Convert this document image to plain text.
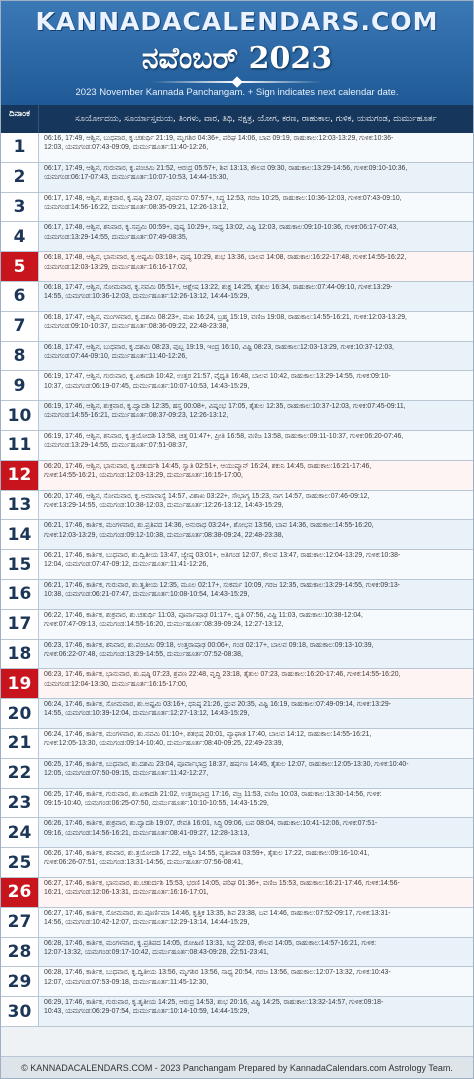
KANNADACALENDARS.COM
ನವೆಂಬರ್ 2023
2023 November Kannada Panchangam. + Sign indicates next calendar date.
ದಿನಾಂಕ	ಸೂರ್ಯೋದಯ, ಸೂರ್ಯಾಸ್ತಮಯ, ತಿಂಗಳು, ವಾರ, ತಿಥಿ, ನಕ್ಷತ್ರ, ಯೋಗ, ಕರಣ, ರಾಹುಕಾಲ, ಗುಳಿಕ, ಯಮಗಂಡ, ದುರ್ಮುಹೂರ್ತ
1	06:16, 17:49, ಆಶ್ವಿನ, ಬುಧವಾರ, ಕೃ.ಚತುರ್ಥಿ 21:19, ಮೃಗಶಿರ 04:36+, ಪರಿಘ 14:06, ಬಾವ 09:19, ರಾಹುಕಾಲ:12:03-13:29, ಗುಳಿಕ:10:36-
12:03, ಯಮಗಂಡ:07:43-09:09, ದುರ್ಮುಹೂರ್ತ:11:40-12:26,
2	06:17, 17:49, ಆಶ್ವಿನ, ಗುರುವಾರ, ಕೃ.ಪಂಚಮಿ 21:52, ಆರುದ್ರ 05:57+, ಶಿವ 13:13, ಕೌಲವ 09:30, ರಾಹುಕಾಲ:13:29-14:56, ಗುಳಿಕ:09:10-10:36,
ಯಮಗಂಡ:06:17-07:43, ದುರ್ಮುಹೂರ್ತ:10:07-10:53, 14:44-15:30,
3	06:17, 17:48, ಆಶ್ವಿನ, ಶುಕ್ರವಾರ, ಕೃ.ಷಷ್ಠಿ 23:07, ಪುನರ್ವಸು 07:57+, ಸಿದ್ಧ 12:53, ಗರಜ 10:25, ರಾಹುಕಾಲ:10:36-12:03, ಗುಳಿಕ:07:43-09:10,
ಯಮಗಂಡ:14:56-16:22, ದುರ್ಮುಹೂರ್ತ:08:35-09:21, 12:26-13:12,
4	06:17, 17:48, ಆಶ್ವಿನ, ಶನಿವಾರ, ಕೃ.ಸಪ್ತಮಿ 00:59+, ಪುಷ್ಯ 10:29+, ಸಾಧ್ಯ 13:02, ವಿಷ್ಟಿ 12:03, ರಾಹುಕಾಲ:09:10-10:36, ಗುಳಿಕ:06:17-07:43,
ಯಮಗಂಡ:13:29-14:55, ದುರ್ಮುಹೂರ್ತ:07:49-08:35,
5	06:18, 17:48, ಆಶ್ವಿನ, ಭಾನುವಾರ, ಕೃ.ಅಷ್ಟಮಿ 03:18+, ಪುಷ್ಯ 10:29, ಶುಭ 13:36, ಬಾಲವ 14:08, ರಾಹುಕಾಲ:16:22-17:48, ಗುಳಿಕ:14:55-16:22,
ಯಮಗಂಡ:12:03-13:29, ದುರ್ಮುಹೂರ್ತ:16:16-17:02,
6	06:18, 17:47, ಆಶ್ವಿನ, ಸೋಮವಾರ, ಕೃ.ನವಮಿ 05:51+, ಆಶ್ಲೇಷ 13:22, ಶುಕ್ಲ 14:25, ತೈತುಲ 16:34, ರಾಹುಕಾಲ:07:44-09:10, ಗುಳಿಕ:13:29-
14:55, ಯಮಗಂಡ:10:36-12:03, ದುರ್ಮುಹೂರ್ತ:12:26-13:12, 14:44-15:29,
7	06:18, 17:47, ಆಶ್ವಿನ, ಮಂಗಳವಾರ, ಕೃ.ದಶಮಿ 08:23+, ಮಖ 16:24, ಬ್ರಹ್ಮ 15:19, ವಣಿಜ 19:08, ರಾಹುಕಾಲ:14:55-16:21, ಗುಳಿಕ:12:03-13:29,
ಯಮಗಂಡ:09:10-10:37, ದುರ್ಮುಹೂರ್ತ:08:36-09:22, 22:48-23:38,
8	06:18, 17:47, ಆಶ್ವಿನ, ಬುಧವಾರ, ಕೃ.ದಶಮಿ 08:23, ಪುಬ್ಬ 19:19, ಇಂದ್ರ 16:10, ವಿಷ್ಟಿ 08:23, ರಾಹುಕಾಲ:12:03-13:29, ಗುಳಿಕ:10:37-12:03,
ಯಮಗಂಡ:07:44-09:10, ದುರ್ಮುಹೂರ್ತ:11:40-12:26,
9	06:19, 17:47, ಆಶ್ವಿನ, ಗುರುವಾರ, ಕೃ.ಏಕಾದಶಿ 10:42, ಉತ್ತರ 21:57, ವೈಧೃತಿ 16:48, ಬಾಲವ 10:42, ರಾಹುಕಾಲ:13:29-14:55, ಗುಳಿಕ:09:10-
10:37, ಯಮಗಂಡ:06:19-07:45, ದುರ್ಮುಹೂರ್ತ:10:07-10:53, 14:43-15:29,
10	06:19, 17:46, ಆಶ್ವಿನ, ಶುಕ್ರವಾರ, ಕೃ.ದ್ವಾದಶಿ 12:35, ಹಸ್ತ 00:08+, ವಿಷ್ಕಂಭ 17:05, ತೈತುಲ 12:35, ರಾಹುಕಾಲ:10:37-12:03, ಗುಳಿಕ:07:45-09:11,
ಯಮಗಂಡ:14:55-16:21, ದುರ್ಮುಹೂರ್ತ:08:37-09:23, 12:26-13:12,
11	06:19, 17:46, ಆಶ್ವಿನ, ಶನಿವಾರ, ಕೃ.ತ್ರಯೋದಶಿ 13:58, ಚಿತ್ತ 01:47+, ಪ್ರೀತಿ 16:58, ವಣಿಜ 13:58, ರಾಹುಕಾಲ:09:11-10:37, ಗುಳಿಕ:06:20-07:46,
ಯಮಗಂಡ:13:29-14:55, ದುರ್ಮುಹೂರ್ತ:07:51-08:37,
12	06:20, 17:46, ಆಶ್ವಿನ, ಭಾನುವಾರ, ಕೃ.ಚತುರ್ದಶಿ 14:45, ಸ್ವಾತಿ 02:51+, ಆಯುಷ್ಮಾನ್ 16:24, ಶಕುನಿ 14:45, ರಾಹುಕಾಲ:16:21-17:46,
ಗುಳಿಕ:14:55-16:21, ಯಮಗಂಡ:12:03-13:29, ದುರ್ಮುಹೂರ್ತ:16:15-17:00,
13	06:20, 17:46, ಆಶ್ವಿನ, ಸೋಮವಾರ, ಕೃ.ಅಮಾವಾಸ್ಯೆ 14:57, ವಿಶಾಖ 03:22+, ಸೌಭಾಗ್ಯ 15:23, ನಾಗ 14:57, ರಾಹುಕಾಲ:07:46-09:12,
ಗುಳಿಕ:13:29-14:55, ಯಮಗಂಡ:10:38-12:03, ದುರ್ಮುಹೂರ್ತ:12:26-13:12, 14:43-15:29,
14	06:21, 17:46, ಕಾರ್ತಿಕ, ಮಂಗಳವಾರ, ಶು.ಪ್ರತಿಪದ 14:36, ಅನುರಾಧ 03:24+, ಶೋಭನ 13:56, ಬಾವ 14:36, ರಾಹುಕಾಲ:14:55-16:20,
ಗುಳಿಕ:12:03-13:29, ಯಮಗಂಡ:09:12-10:38, ದುರ್ಮುಹೂರ್ತ:08:38-09:24, 22:48-23:38,
15	06:21, 17:46, ಕಾರ್ತಿಕ, ಬುಧವಾರ, ಶು.ದ್ವಿತೀಯ 13:47, ಜ್ಯೇಷ್ಠ 03:01+, ಅತಿಗಂಡ 12:07, ಕೌಲವ 13:47, ರಾಹುಕಾಲ:12:04-13:29, ಗುಳಿಕ:10:38-
12:04, ಯಮಗಂಡ:07:47-09:12, ದುರ್ಮುಹೂರ್ತ:11:41-12:26,
16	06:21, 17:46, ಕಾರ್ತಿಕ, ಗುರುವಾರ, ಶು.ತೃತೀಯ 12:35, ಮೂಲ 02:17+, ಸುಕರ್ಮ 10:09, ಗರಜ 12:35, ರಾಹುಕಾಲ:13:29-14:55, ಗುಳಿಕ:09:13-
10:38, ಯಮಗಂಡ:06:21-07:47, ದುರ್ಮುಹೂರ್ತ:10:08-10:54, 14:43-15:29,
17	06:22, 17:46, ಕಾರ್ತಿಕ, ಶುಕ್ರವಾರ, ಶು.ಚತುರ್ಥಿ 11:03, ಪೂರ್ವಾಷಾಢ 01:17+, ಧೃತಿ 07:56, ವಿಷ್ಟಿ 11:03, ರಾಹುಕಾಲ:10:38-12:04,
ಗುಳಿಕ:07:47-09:13, ಯಮಗಂಡ:14:55-16:20, ದುರ್ಮುಹೂರ್ತ:08:39-09:24, 12:27-13:12,
18	06:23, 17:46, ಕಾರ್ತಿಕ, ಶನಿವಾರ, ಶು.ಪಂಚಮಿ 09:18, ಉತ್ತರಾಷಾಢ 00:06+, ಗಂಡ 02:17+, ಬಾಲವ 09:18, ರಾಹುಕಾಲ:09:13-10:39,
ಗುಳಿಕ:06:22-07:48, ಯಮಗಂಡ:13:29-14:55, ದುರ್ಮುಹೂರ್ತ:07:52-08:38,
19	06:23, 17:46, ಕಾರ್ತಿಕ, ಭಾನುವಾರ, ಶು.ಷಷ್ಠಿ 07:23, ಶ್ರವಣ 22:48, ವೃದ್ಧಿ 23:18, ತೈತುಲ 07:23, ರಾಹುಕಾಲ:16:20-17:46, ಗುಳಿಕ:14:55-16:20,
ಯಮಗಂಡ:12:04-13:30, ದುರ್ಮುಹೂರ್ತ:16:15-17:00,
20	06:24, 17:46, ಕಾರ್ತಿಕ, ಸೋಮವಾರ, ಶು.ಅಷ್ಟಮಿ 03:16+, ಧನಿಷ್ಠ 21:26, ಧ್ರುವ 20:35, ವಿಷ್ಟಿ 16:19, ರಾಹುಕಾಲ:07:49-09:14, ಗುಳಿಕ:13:29-
14:55, ಯಮಗಂಡ:10:39-12:04, ದುರ್ಮುಹೂರ್ತ:12:27-13:12, 14:43-15:29,
21	06:24, 17:46, ಕಾರ್ತಿಕ, ಮಂಗಳವಾರ, ಶು.ನವಮಿ 01:10+, ಶತಭಿಷ 20:01, ವ್ಯಾಘಾತ 17:40, ಬಾಲವ 14:12, ರಾಹುಕಾಲ:14:55-16:21,
ಗುಳಿಕ:12:05-13:30, ಯಮಗಂಡ:09:14-10:40, ದುರ್ಮುಹೂರ್ತ:08:40-09:25, 22:49-23:39,
22	06:25, 17:46, ಕಾರ್ತಿಕ, ಬುಧವಾರ, ಶು.ದಶಮಿ 23:04, ಪೂರ್ವಾಭಾದ್ರ 18:37, ಹರ್ಷಣ 14:45, ತೈತುಲ 12:07, ರಾಹುಕಾಲ:12:05-13:30, ಗುಳಿಕ:10:40-
12:05, ಯಮಗಂಡ:07:50-09:15, ದುರ್ಮುಹೂರ್ತ:11:42-12:27,
23	06:25, 17:46, ಕಾರ್ತಿಕ, ಗುರುವಾರ, ಶು.ಏಕಾದಶಿ 21:02, ಉತ್ತರಾಭಾದ್ರ 17:16, ವಜ್ರ 11:53, ವಣಿಜ 10:03, ರಾಹುಕಾಲ:13:30-14:56, ಗುಳಿಕ:
09:15-10:40, ಯಮಗಂಡ:06:25-07:50, ದುರ್ಮುಹೂರ್ತ:10:10-10:55, 14:43-15:29,
24	06:26, 17:46, ಕಾರ್ತಿಕ, ಶುಕ್ರವಾರ, ಶು.ದ್ವಾದಶಿ 19:07, ರೇವತಿ 16:01, ಸಿದ್ಧಿ 09:06, ಬವ 08:04, ರಾಹುಕಾಲ:10:41-12:06, ಗುಳಿಕ:07:51-
09:16, ಯಮಗಂಡ:14:56-16:21, ದುರ್ಮುಹೂರ್ತ:08:41-09:27, 12:28-13:13,
25	06:26, 17:46, ಕಾರ್ತಿಕ, ಶನಿವಾರ, ಶು.ತ್ರಯೋದಶಿ 17:22, ಅಶ್ವಿನಿ 14:55, ವ್ಯತೀಪಾತ 03:59+, ತೈತುಲ 17:22, ರಾಹುಕಾಲ:09:16-10:41,
ಗುಳಿಕ:06:26-07:51, ಯಮಗಂಡ:13:31-14:56, ದುರ್ಮುಹೂರ್ತ:07:56-08:41,
26	06:27, 17:46, ಕಾರ್ತಿಕ, ಭಾನುವಾರ, ಶು.ಚತುರ್ದಶಿ 15:53, ಭರಣಿ 14:05, ಪರಿಘ 01:36+, ವಣಿಜ 15:53, ರಾಹುಕಾಲ:16:21-17:46, ಗುಳಿಕ:14:56-
16:21, ಯಮಗಂಡ:12:06-13:31, ದುರ್ಮುಹೂರ್ತ:16:16-17:01,
27	06:27, 17:46, ಕಾರ್ತಿಕ, ಸೋಮವಾರ, ಶು.ಪೂರ್ಣಿಮಾ 14:46, ಕೃತ್ತಿಕ 13:35, ಶಿವ 23:38, ಬವ 14:46, ರಾಹುಕಾಲ:07:52-09:17, ಗುಳಿಕ:13:31-
14:56, ಯಮಗಂಡ:10:42-12:07, ದುರ್ಮುಹೂರ್ತ:12:29-13:14, 14:44-15:29,
28	06:28, 17:46, ಕಾರ್ತಿಕ, ಮಂಗಳವಾರ, ಕೃ.ಪ್ರತಿಪದ 14:05, ರೋಹಿಣಿ 13:31, ಸಿದ್ಧ 22:03, ಕೌಲವ 14:05, ರಾಹುಕಾಲ:14:57-16:21, ಗುಳಿಕ:
12:07-13:32, ಯಮಗಂಡ:09:17-10:42, ದುರ್ಮುಹೂರ್ತ:08:43-09:28, 22:51-23:41,
29	06:28, 17:46, ಕಾರ್ತಿಕ, ಬುಧವಾರ, ಕೃ.ದ್ವಿತೀಯ 13:56, ಮೃಗಶಿರ 13:56, ಸಾಧ್ಯ 20:54, ಗರಜ 13:56, ರಾಹುಕಾಲ:12:07-13:32, ಗುಳಿಕ:10:43-
12:07, ಯಮಗಂಡ:07:53-09:18, ದುರ್ಮುಹೂರ್ತ:11:45-12:30,
30	06:29, 17:46, ಕಾರ್ತಿಕ, ಗುರುವಾರ, ಕೃ.ತೃತೀಯ 14:25, ಆರುದ್ರ 14:53, ಶುಭ 20:16, ವಿಷ್ಟಿ 14:25, ರಾಹುಕಾಲ:13:32-14:57, ಗುಳಿಕ:09:18-
10:43, ಯಮಗಂಡ:06:29-07:54, ದುರ್ಮುಹೂರ್ತ:10:14-10:59, 14:44-15:29,
© KANNADACALENDARS.COM - 2023 Panchangam Prepared by KannadaCalendars.com Astrology Team.
